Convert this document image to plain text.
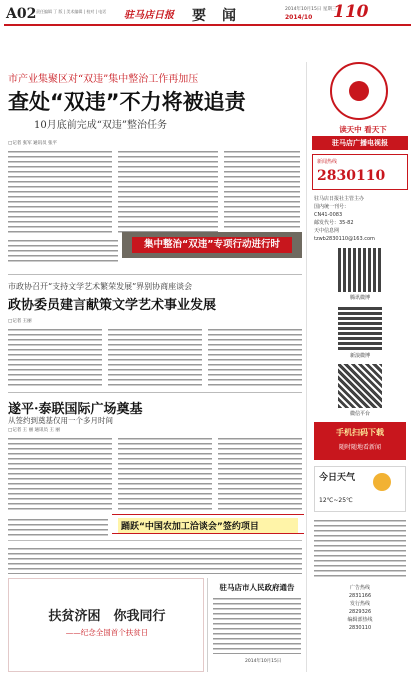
A02 责任编辑 丁 版 | 美术编辑 | 校对 | 电话	驻马店日报 要　闻	2014年10月15日 星期三
2014/10 110
市产业集聚区对“双违”集中整治工作再加压
查处“双违”不力将被追责
10月底前完成“双违”整治任务
□记者 张军 通讯员 张平
集中整治“双违”专项行动进行时
市政协召开“支持文学艺术繁荣发展”界别协商座谈会
政协委员建言献策文学艺术事业发展
□记者 王丽
遂平·泰联国际广场奠基
从签约到奠基仅用一个多月时间
□记者 王 丽 通讯员 王 丽
踊跃“中国农加工洽谈会”签约项目
扶贫济困　你我同行
——纪念全国首个扶贫日
驻马店市人民政府通告
2014年10月15日
读天中 看天下
驻马店广播电视报
新闻热线
2830110
驻马店日报社主管主办
国内统一刊号：
CN41-0083
邮发代号：35-82
天中信息网
tzwb2830110@163.com
腾讯微博
新浪微博
微信平台
手机扫码下载
随时随地看新闻
今日天气
12℃~25℃
广告热线
2831166
发行热线
2829326
编辑部热线
2830110
